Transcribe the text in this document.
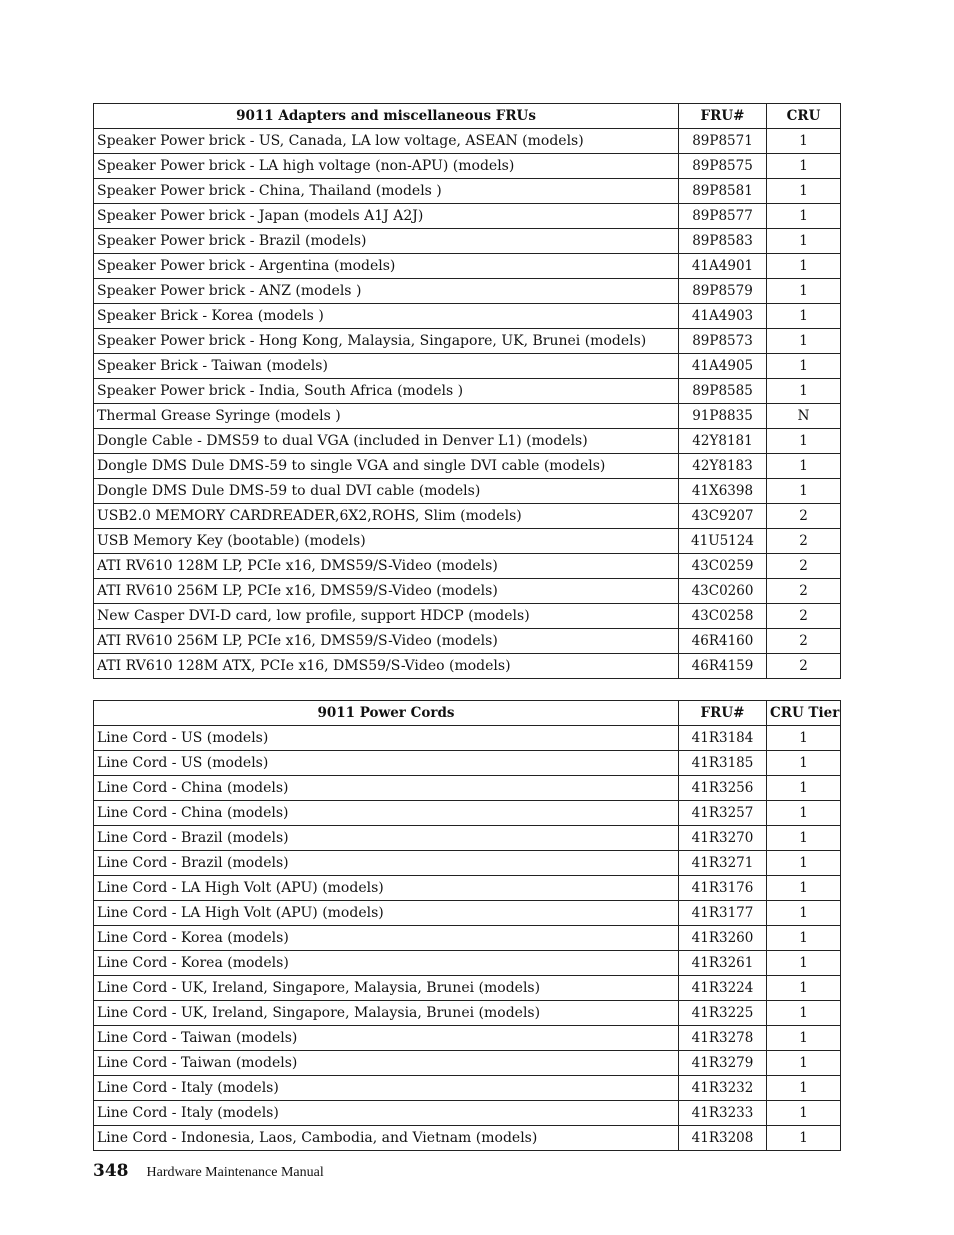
9011 Adapters and miscellaneous FRUs	FRU#	CRU
Speaker Power brick - US, Canada, LA low voltage, ASEAN (models)	89P8571	1
Speaker Power brick - LA high voltage (non-APU) (models)	89P8575	1
Speaker Power brick - China, Thailand (models )	89P8581	1
Speaker Power brick - Japan (models A1J A2J)	89P8577	1
Speaker Power brick - Brazil (models)	89P8583	1
Speaker Power brick - Argentina (models)	41A4901	1
Speaker Power brick - ANZ (models )	89P8579	1
Speaker Brick - Korea (models )	41A4903	1
Speaker Power brick - Hong Kong, Malaysia, Singapore, UK, Brunei (models)	89P8573	1
Speaker Brick - Taiwan (models)	41A4905	1
Speaker Power brick - India, South Africa (models )	89P8585	1
Thermal Grease Syringe (models )	91P8835	N
Dongle Cable - DMS59 to dual VGA (included in Denver L1) (models)	42Y8181	1
Dongle DMS Dule DMS-59 to single VGA and single DVI cable (models)	42Y8183	1
Dongle DMS Dule DMS-59 to dual DVI cable (models)	41X6398	1
USB2.0 MEMORY CARDREADER,6X2,ROHS, Slim (models)	43C9207	2
USB Memory Key (bootable) (models)	41U5124	2
ATI RV610 128M LP, PCIe x16, DMS59/S-Video (models)	43C0259	2
ATI RV610 256M LP, PCIe x16, DMS59/S-Video (models)	43C0260	2
New Casper DVI-D card, low profile, support HDCP (models)	43C0258	2
ATI RV610 256M LP, PCIe x16, DMS59/S-Video (models)	46R4160	2
ATI RV610 128M ATX, PCIe x16, DMS59/S-Video (models)	46R4159	2
9011 Power Cords	FRU#	CRU Tier
Line Cord - US (models)	41R3184	1
Line Cord - US (models)	41R3185	1
Line Cord - China (models)	41R3256	1
Line Cord - China (models)	41R3257	1
Line Cord - Brazil (models)	41R3270	1
Line Cord - Brazil (models)	41R3271	1
Line Cord - LA High Volt (APU) (models)	41R3176	1
Line Cord - LA High Volt (APU) (models)	41R3177	1
Line Cord - Korea (models)	41R3260	1
Line Cord - Korea (models)	41R3261	1
Line Cord - UK, Ireland, Singapore, Malaysia, Brunei (models)	41R3224	1
Line Cord - UK, Ireland, Singapore, Malaysia, Brunei (models)	41R3225	1
Line Cord - Taiwan (models)	41R3278	1
Line Cord - Taiwan (models)	41R3279	1
Line Cord - Italy (models)	41R3232	1
Line Cord - Italy (models)	41R3233	1
Line Cord - Indonesia, Laos, Cambodia, and Vietnam (models)	41R3208	1
348 Hardware Maintenance Manual
